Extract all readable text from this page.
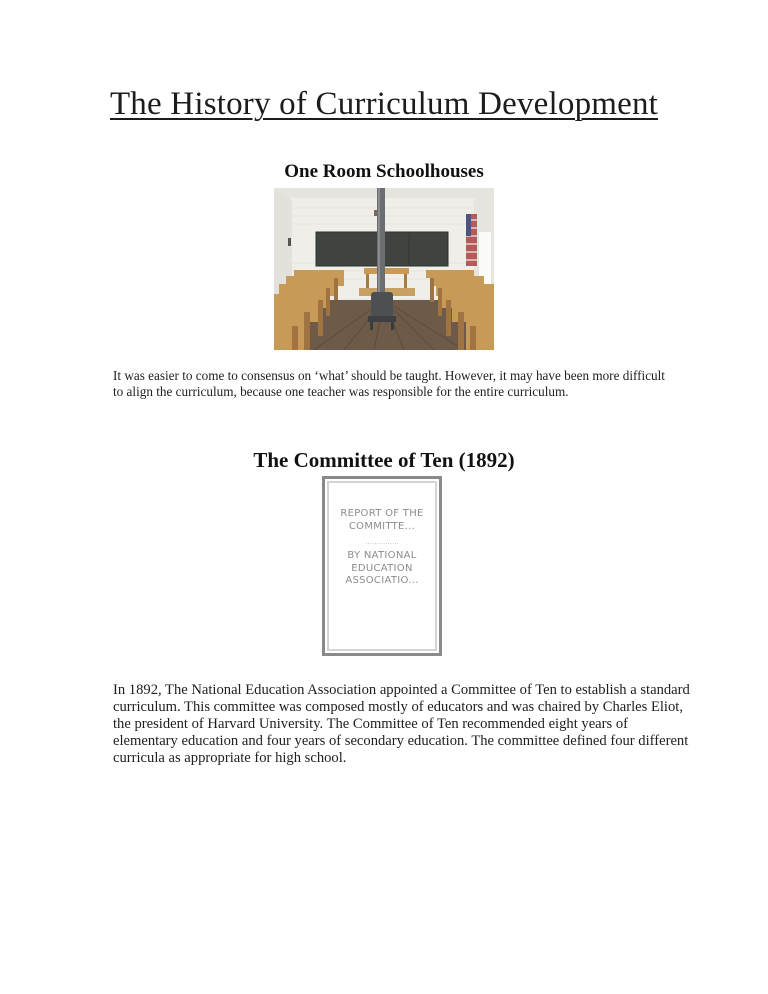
The History of Curriculum Development
One Room Schoolhouses

It was easier to come to consensus on ‘what’ should be taught. However, it may have been more difficult to align the curriculum, because one teacher was responsible for the entire curriculum.

The Committee of Ten (1892)
REPORT OF THE COMMITTE...
...............
BY NATIONAL EDUCATION ASSOCIATIO...

In 1892, The National Education Association appointed a Committee of Ten to establish a standard curriculum. This committee was composed mostly of educators and was chaired by Charles Eliot, the president of Harvard University. The Committee of Ten recommended eight years of elementary education and four years of secondary education. The committee defined four different curricula as appropriate for high school.
